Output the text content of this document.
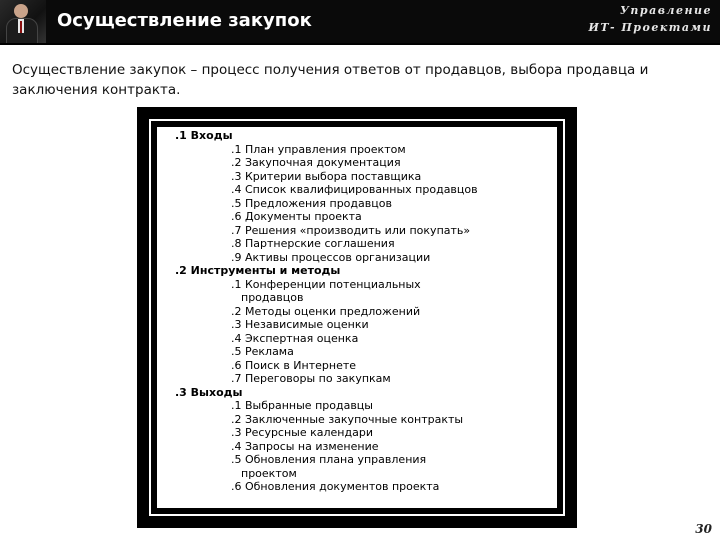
Осуществление закупок	Управление
ИТ- Проектами
Осуществление закупок – процесс получения ответов от продавцов, выбора продавца и заключения контракта.
.1 Входы
.1 План управления проектом
.2 Закупочная документация
.3 Критерии выбора поставщика
.4 Список квалифицированных продавцов
.5 Предложения продавцов
.6 Документы проекта
.7 Решения «производить или покупать»
.8 Партнерские соглашения
.9 Активы процессов организации
.2 Инструменты и методы
.1 Конференции потенциальных
продавцов
.2 Методы оценки предложений
.3 Независимые оценки
.4 Экспертная оценка
.5 Реклама
.6 Поиск в Интернете
.7 Переговоры по закупкам
.3 Выходы
.1 Выбранные продавцы
.2 Заключенные закупочные контракты
.3 Ресурсные календари
.4 Запросы на изменение
.5 Обновления плана управления
проектом
.6 Обновления документов проекта
30
